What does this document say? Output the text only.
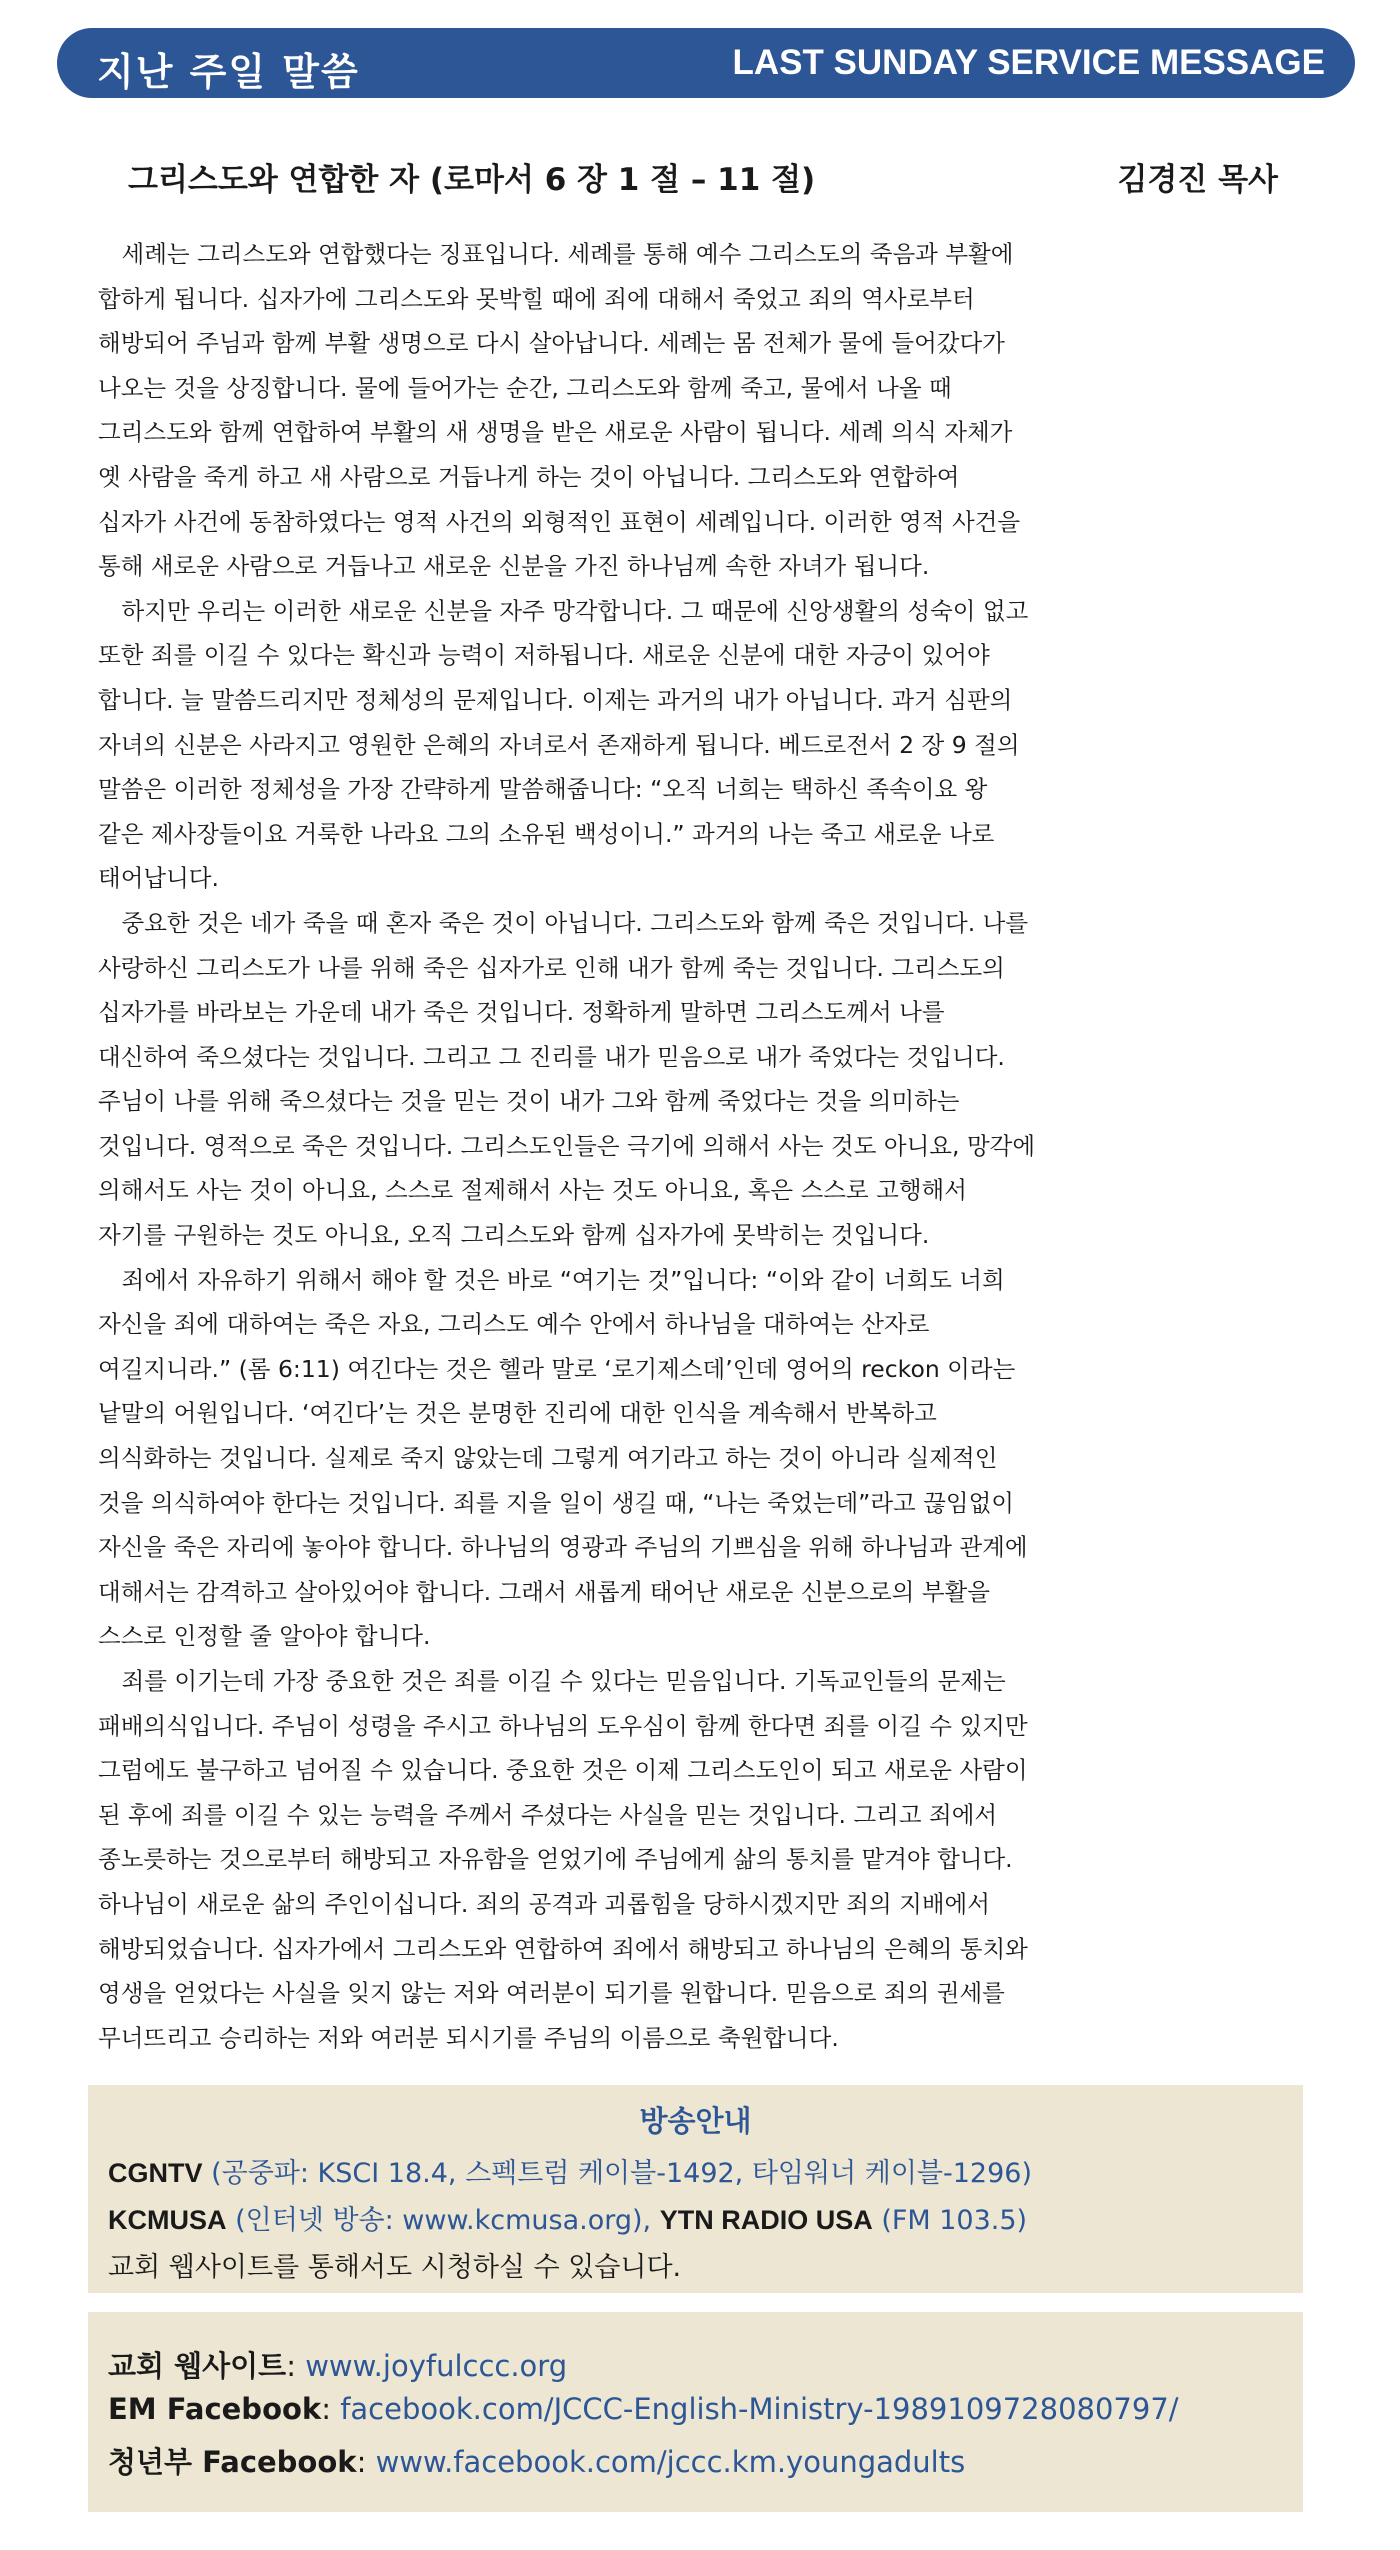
지난 주일 말씀	LAST SUNDAY SERVICE MESSAGE
그리스도와 연합한 자 (로마서 6 장 1 절 – 11 절)	김경진 목사
　세례는 그리스도와 연합했다는 징표입니다. 세례를 통해 예수 그리스도의 죽음과 부활에
합하게 됩니다. 십자가에 그리스도와 못박힐 때에 죄에 대해서 죽었고 죄의 역사로부터
해방되어 주님과 함께 부활 생명으로 다시 살아납니다. 세례는 몸 전체가 물에 들어갔다가
나오는 것을 상징합니다. 물에 들어가는 순간, 그리스도와 함께 죽고, 물에서 나올 때
그리스도와 함께 연합하여 부활의 새 생명을 받은 새로운 사람이 됩니다. 세례 의식 자체가
옛 사람을 죽게 하고 새 사람으로 거듭나게 하는 것이 아닙니다. 그리스도와 연합하여
십자가 사건에 동참하였다는 영적 사건의 외형적인 표현이 세례입니다. 이러한 영적 사건을
통해 새로운 사람으로 거듭나고 새로운 신분을 가진 하나님께 속한 자녀가 됩니다.
　하지만 우리는 이러한 새로운 신분을 자주 망각합니다. 그 때문에 신앙생활의 성숙이 없고
또한 죄를 이길 수 있다는 확신과 능력이 저하됩니다. 새로운 신분에 대한 자긍이 있어야
합니다. 늘 말씀드리지만 정체성의 문제입니다. 이제는 과거의 내가 아닙니다. 과거 심판의
자녀의 신분은 사라지고 영원한 은혜의 자녀로서 존재하게 됩니다. 베드로전서 2 장 9 절의
말씀은 이러한 정체성을 가장 간략하게 말씀해줍니다: “오직 너희는 택하신 족속이요 왕
같은 제사장들이요 거룩한 나라요 그의 소유된 백성이니.” 과거의 나는 죽고 새로운 나로
태어납니다.
　중요한 것은 네가 죽을 때 혼자 죽은 것이 아닙니다. 그리스도와 함께 죽은 것입니다. 나를
사랑하신 그리스도가 나를 위해 죽은 십자가로 인해 내가 함께 죽는 것입니다. 그리스도의
십자가를 바라보는 가운데 내가 죽은 것입니다. 정확하게 말하면 그리스도께서 나를
대신하여 죽으셨다는 것입니다. 그리고 그 진리를 내가 믿음으로 내가 죽었다는 것입니다.
주님이 나를 위해 죽으셨다는 것을 믿는 것이 내가 그와 함께 죽었다는 것을 의미하는
것입니다. 영적으로 죽은 것입니다. 그리스도인들은 극기에 의해서 사는 것도 아니요, 망각에
의해서도 사는 것이 아니요, 스스로 절제해서 사는 것도 아니요, 혹은 스스로 고행해서
자기를 구원하는 것도 아니요, 오직 그리스도와 함께 십자가에 못박히는 것입니다.
　죄에서 자유하기 위해서 해야 할 것은 바로 “여기는 것”입니다: “이와 같이 너희도 너희
자신을 죄에 대하여는 죽은 자요, 그리스도 예수 안에서 하나님을 대하여는 산자로
여길지니라.” (롬 6:11) 여긴다는 것은 헬라 말로 ‘로기제스데’인데 영어의 reckon 이라는
낱말의 어원입니다. ‘여긴다’는 것은 분명한 진리에 대한 인식을 계속해서 반복하고
의식화하는 것입니다. 실제로 죽지 않았는데 그렇게 여기라고 하는 것이 아니라 실제적인
것을 의식하여야 한다는 것입니다. 죄를 지을 일이 생길 때, “나는 죽었는데”라고 끊임없이
자신을 죽은 자리에 놓아야 합니다. 하나님의 영광과 주님의 기쁘심을 위해 하나님과 관계에
대해서는 감격하고 살아있어야 합니다. 그래서 새롭게 태어난 새로운 신분으로의 부활을
스스로 인정할 줄 알아야 합니다.
　죄를 이기는데 가장 중요한 것은 죄를 이길 수 있다는 믿음입니다. 기독교인들의 문제는
패배의식입니다. 주님이 성령을 주시고 하나님의 도우심이 함께 한다면 죄를 이길 수 있지만
그럼에도 불구하고 넘어질 수 있습니다. 중요한 것은 이제 그리스도인이 되고 새로운 사람이
된 후에 죄를 이길 수 있는 능력을 주께서 주셨다는 사실을 믿는 것입니다. 그리고 죄에서
종노릇하는 것으로부터 해방되고 자유함을 얻었기에 주님에게 삶의 통치를 맡겨야 합니다.
하나님이 새로운 삶의 주인이십니다. 죄의 공격과 괴롭힘을 당하시겠지만 죄의 지배에서
해방되었습니다. 십자가에서 그리스도와 연합하여 죄에서 해방되고 하나님의 은혜의 통치와
영생을 얻었다는 사실을 잊지 않는 저와 여러분이 되기를 원합니다. 믿음으로 죄의 권세를
무너뜨리고 승리하는 저와 여러분 되시기를 주님의 이름으로 축원합니다.
방송안내
CGNTV (공중파: KSCI 18.4, 스펙트럼 케이블-1492, 타임워너 케이블-1296)
KCMUSA (인터넷 방송: www.kcmusa.org), YTN RADIO USA (FM 103.5)
교회 웹사이트를 통해서도 시청하실 수 있습니다.
교회 웹사이트: www.joyfulccc.org
EM Facebook: facebook.com/JCCC-English-Ministry-1989109728080797/
청년부 Facebook: www.facebook.com/jccc.km.youngadults
